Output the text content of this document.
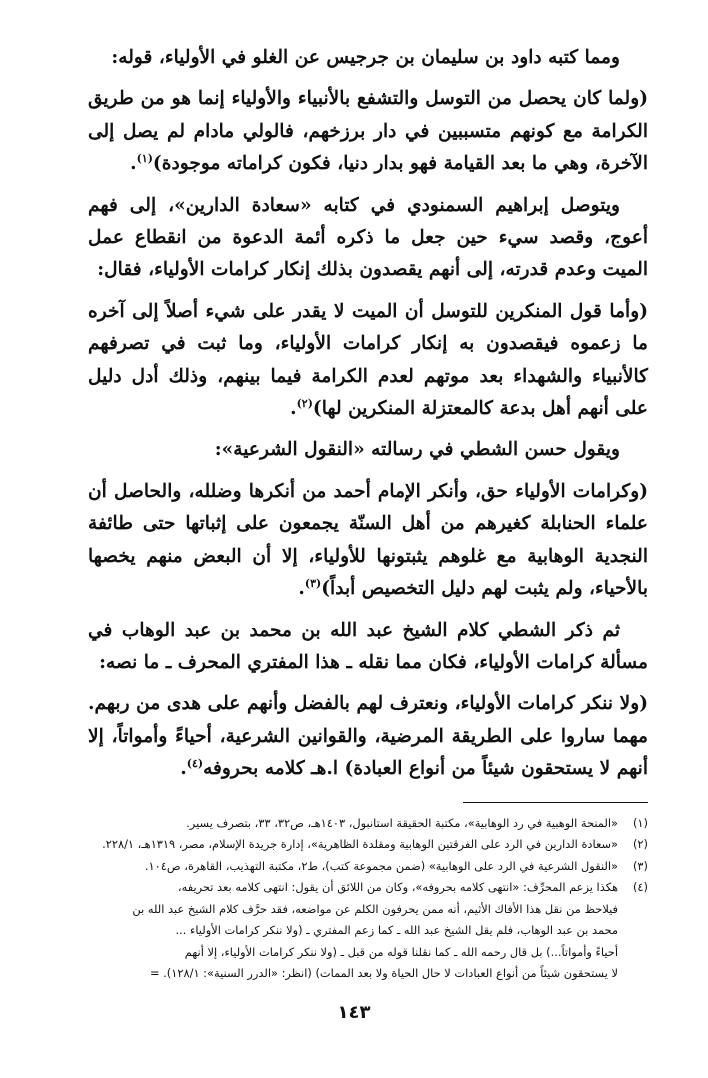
ومما كتبه داود بن سليمان بن جرجيس عن الغلو في الأولياء، قوله:

(ولما كان يحصل من التوسل والتشفع بالأنبياء والأولياء إنما هو من طريق الكرامة مع كونهم متسببين في دار برزخهم، فالولي مادام لم يصل إلى الآخرة، وهي ما بعد القيامة فهو بدار دنيا، فكون كراماته موجودة)$^{(١)}$.

ويتوصل إبراهيم السمنودي في كتابه «سعادة الدارين»، إلى فهم أعوج، وقصد سيء حين جعل ما ذكره أئمة الدعوة من انقطاع عمل الميت وعدم قدرته، إلى أنهم يقصدون بذلك إنكار كرامات الأولياء، فقال:

(وأما قول المنكرين للتوسل أن الميت لا يقدر على شيء أصلاً إلى آخره ما زعموه فيقصدون به إنكار كرامات الأولياء، وما ثبت في تصرفهم كالأنبياء والشهداء بعد موتهم لعدم الكرامة فيما بينهم، وذلك أدل دليل على أنهم أهل بدعة كالمعتزلة المنكرين لها)$^{(٢)}$.

ويقول حسن الشطي في رسالته «النقول الشرعية»:

(وكرامات الأولياء حق، وأنكر الإمام أحمد من أنكرها وضلله، والحاصل أن علماء الحنابلة كغيرهم من أهل السنّة يجمعون على إثباتها حتى طائفة النجدية الوهابية مع غلوهم يثبتونها للأولياء، إلا أن البعض منهم يخصها بالأحياء، ولم يثبت لهم دليل التخصيص أبداً)$^{(٣)}$.

ثم ذكر الشطي كلام الشيخ عبد الله بن محمد بن عبد الوهاب في مسألة كرامات الأولياء، فكان مما نقله ـ هذا المفتري المحرف ـ ما نصه:

(ولا ننكر كرامات الأولياء، ونعترف لهم بالفضل وأنهم على هدى من ربهم. مهما ساروا على الطريقة المرضية، والقوانين الشرعية، أحياءً وأمواتاً، إلا أنهم لا يستحقون شيئاً من أنواع العبادة) ا.هـ كلامه بحروفه$^{(٤)}$.

(١)
«المنحة الوهبية في رد الوهابية»، مكتبة الحقيقة استانبول، ١٤٠٣هـ، ص٣٢، ٣٣، بتصرف يسير.
(٢)
«سعادة الدارين في الرد على الفرقتين الوهابية ومقلدة الظاهرية»، إدارة جريدة الإسلام، مصر، ١٣١٩هـ، ٢٢٨/١.
(٣)
«النقول الشرعية في الرد على الوهابية» (ضمن مجموعة كتب)، ط٢، مكتبة التهذيب، القاهرة، ص١٠٤.
(٤)
هكذا يزعم المحرِّف: «انتهى كلامه بحروفه»، وكان من اللائق أن يقول: انتهى كلامه بعد تحريفه،
فيلاحظ من نقل هذا الأفاك الأثيم، أنه ممن يحرفون الكلم عن مواضعه، فقد حرَّف كلام الشيخ عبد الله بن
محمد بن عبد الوهاب، فلم يقل الشيخ عبد الله ـ كما زعم المفتري ـ (ولا ننكر كرامات الأولياء ...
أحياءً وأمواتاً...) بل قال رحمه الله ـ كما نقلنا قوله من قبل ـ (ولا ننكر كرامات الأولياء، إلا أنهم
لا يستحقون شيئاً من أنواع العبادات لا حال الحياة ولا بعد الممات) (انظر: «الدرر السنية»: ١٢٨/١). =
١٤٣
